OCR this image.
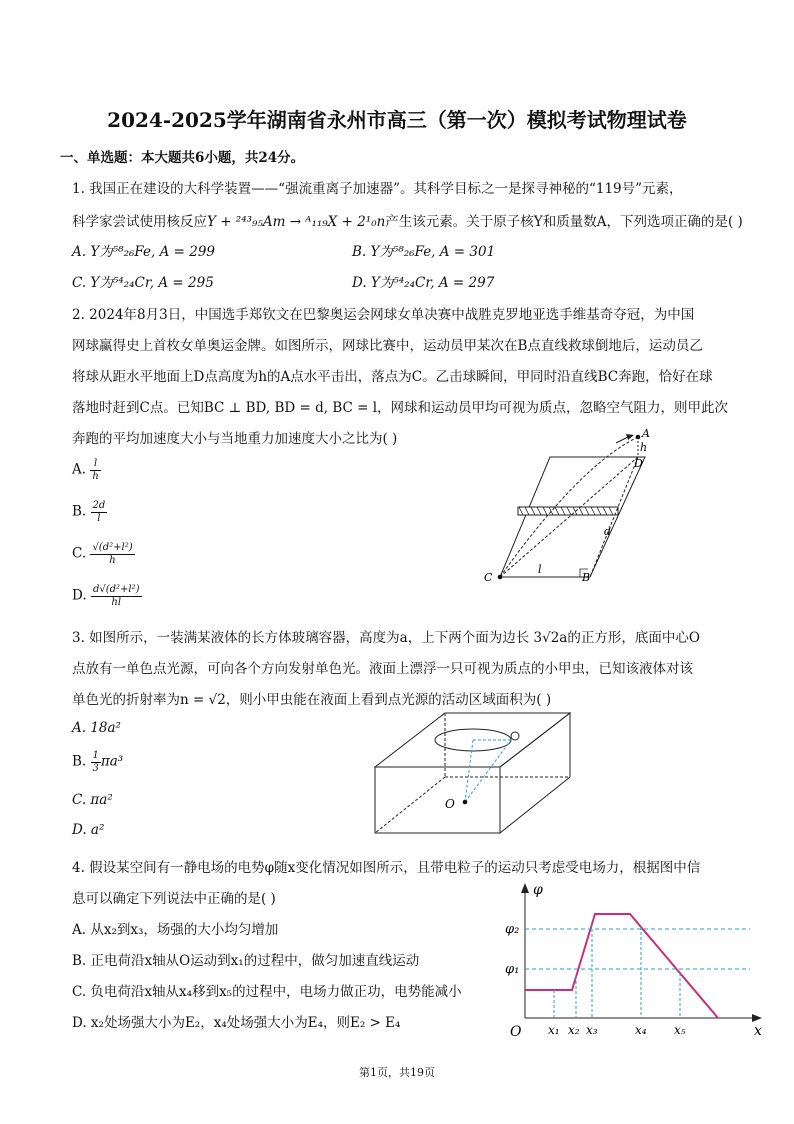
2024-2025学年湖南省永州市高三（第一次）模拟考试物理试卷
一、单选题：本大题共6小题，共24分。
1. 我国正在建设的大科学装置——“强流重离子加速器”。其科学目标之一是探寻神秘的“119号”元素，
科学家尝试使用核反应Y + ²⁴³₉₅Am → ᴬ₁₁₉X + 2¹₀n产生该元素。关于原子核Y和质量数A，下列选项正确的是( )
A. Y为⁵⁸₂₆Fe, A = 299	B. Y为⁵⁸₂₆Fe, A = 301
C. Y为⁵⁴₂₄Cr, A = 295	D. Y为⁵⁴₂₄Cr, A = 297
2. 2024年8月3日，中国选手郑钦文在巴黎奥运会网球女单决赛中战胜克罗地亚选手维基奇夺冠，为中国
网球赢得史上首枚女单奥运金牌。如图所示，网球比赛中，运动员甲某次在B点直线救球倒地后，运动员乙
将球从距水平地面上D点高度为h的A点水平击出，落点为C。乙击球瞬间，甲同时沿直线BC奔跑，恰好在球
落地时赶到C点。已知BC ⊥ BD, BD = d, BC = l，网球和运动员甲均可视为质点，忽略空气阻力，则甲此次
奔跑的平均加速度大小与当地重力加速度大小之比为( )
A. $\frac{l}{h}$
B. $\frac{2d}{l}$
C. $\frac{\text{√(d²+l²)}}{h}$
D. $\frac{\text{d√(d²+l²)}}{hl}$
A
h
D
d
C
l
B
3. 如图所示，一装满某液体的长方体玻璃容器，高度为a，上下两个面为边长 3√2a的正方形，底面中心O
点放有一单色点光源，可向各个方向发射单色光。液面上漂浮一只可视为质点的小甲虫，已知该液体对该
单色光的折射率为n = √2，则小甲虫能在液面上看到点光源的活动区域面积为( )
A. 18a²
B. $\frac{1}{3} \pi a^3$
C. πa²
D. a²
O
4. 假设某空间有一静电场的电势φ随x变化情况如图所示，且带电粒子的运动只考虑受电场力，根据图中信
息可以确定下列说法中正确的是( )
A. 从x₂到x₃，场强的大小均匀增加
B. 正电荷沿x轴从O运动到x₁的过程中，做匀加速直线运动
C. 负电荷沿x轴从x₄移到x₅的过程中，电场力做正功，电势能减小
D. x₂处场强大小为E₂，x₄处场强大小为E₄，则E₂ > E₄
φ
x
O
φ₂
φ₁
x₁ x₂ x₃	x₄ x₅
第1页，共19页
